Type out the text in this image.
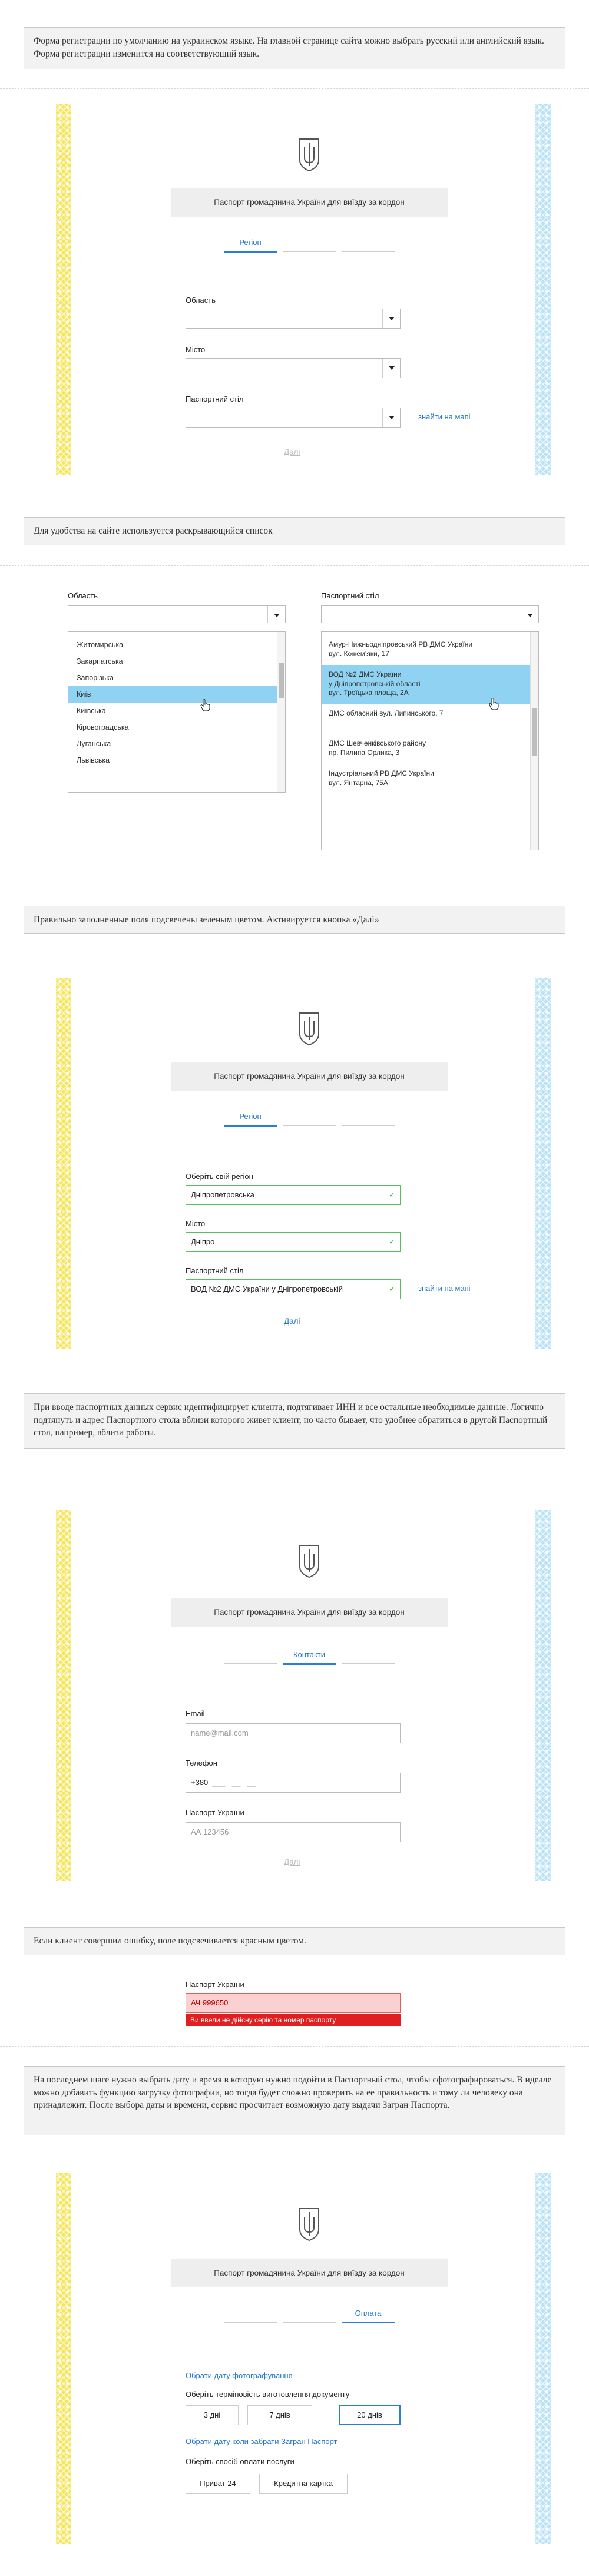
Форма регистрации по умолчанию на украинском языке. На главной странице сайта можно выбрать русский или английский язык. Форма регистрации изменится на соответствующий язык.
Паспорт громадянина України для виїзду за кордон
Регіон
Область
Місто
Паспортний стіл
знайти на мапі
Далі
Для удобства на сайте используется раскрывающийся список
Область
Житомирська
Закарпатська
Запорізька
Київ
Київська
Кіровоградська
Луганська
Львівська
Паспортний стіл
Амур-Нижньодніпровський РВ ДМС України
вул. Кожем'яки, 17
ВОД №2 ДМС України
у Дніпропетровській області
вул. Троїцька площа, 2А
ДМС обласний вул. Липинського, 7
ДМС Шевченківського району
пр. Пилипа Орлика, 3
Індустріальний РВ ДМС України
вул. Янтарна, 75А
Правильно заполненные поля подсвечены зеленым цветом. Активируется кнопка «Далі»
Паспорт громадянина України для виїзду за кордон
Регіон
Оберіть свій регіон
Дніпропетровська	✓
Місто
Дніпро	✓
Паспортний стіл
ВОД №2 ДМС України у Дніпропетровській	✓	знайти на мапі
Далі
При вводе паспортных данных сервис идентифицирует клиента, подтягивает ИНН и все остальные необходимые данные. Логично подтянуть и адрес Паспортного стола вблизи которого живет клиент, но часто бывает, что удобнее обратиться в другой Паспортный стол, например, вблизи работы.
Паспорт громадянина України для виїзду за кордон
Контакти
Email
name@mail.com
Телефон
+380 ___ - __ - __
Паспорт України
АА 123456
Далі
Если клиент совершил ошибку, поле подсвечивается красным цветом.
Паспорт України
АЧ 999650
Ви ввели не дійсну серію та номер паспорту
На последнем шаге нужно выбрать дату и время в которую нужно подойти в Паспортный стол, чтобы сфотографироваться. В идеале можно добавить функцию загрузку фотографии, но тогда будет сложно проверить на ее правильность и тому ли человеку она принадлежит. После выбора даты и времени, сервис просчитает возможную дату выдачи Загран Паспорта.
Паспорт громадянина України для виїзду за кордон
Оплата
Обрати дату фотографування
Оберіть терміновість виготовлення документу
3 дні	7 днів	20 днів
Обрати дату коли забрати Загран Паспорт
Оберіть спосіб оплати послуги
Приват 24	Кредитна картка
